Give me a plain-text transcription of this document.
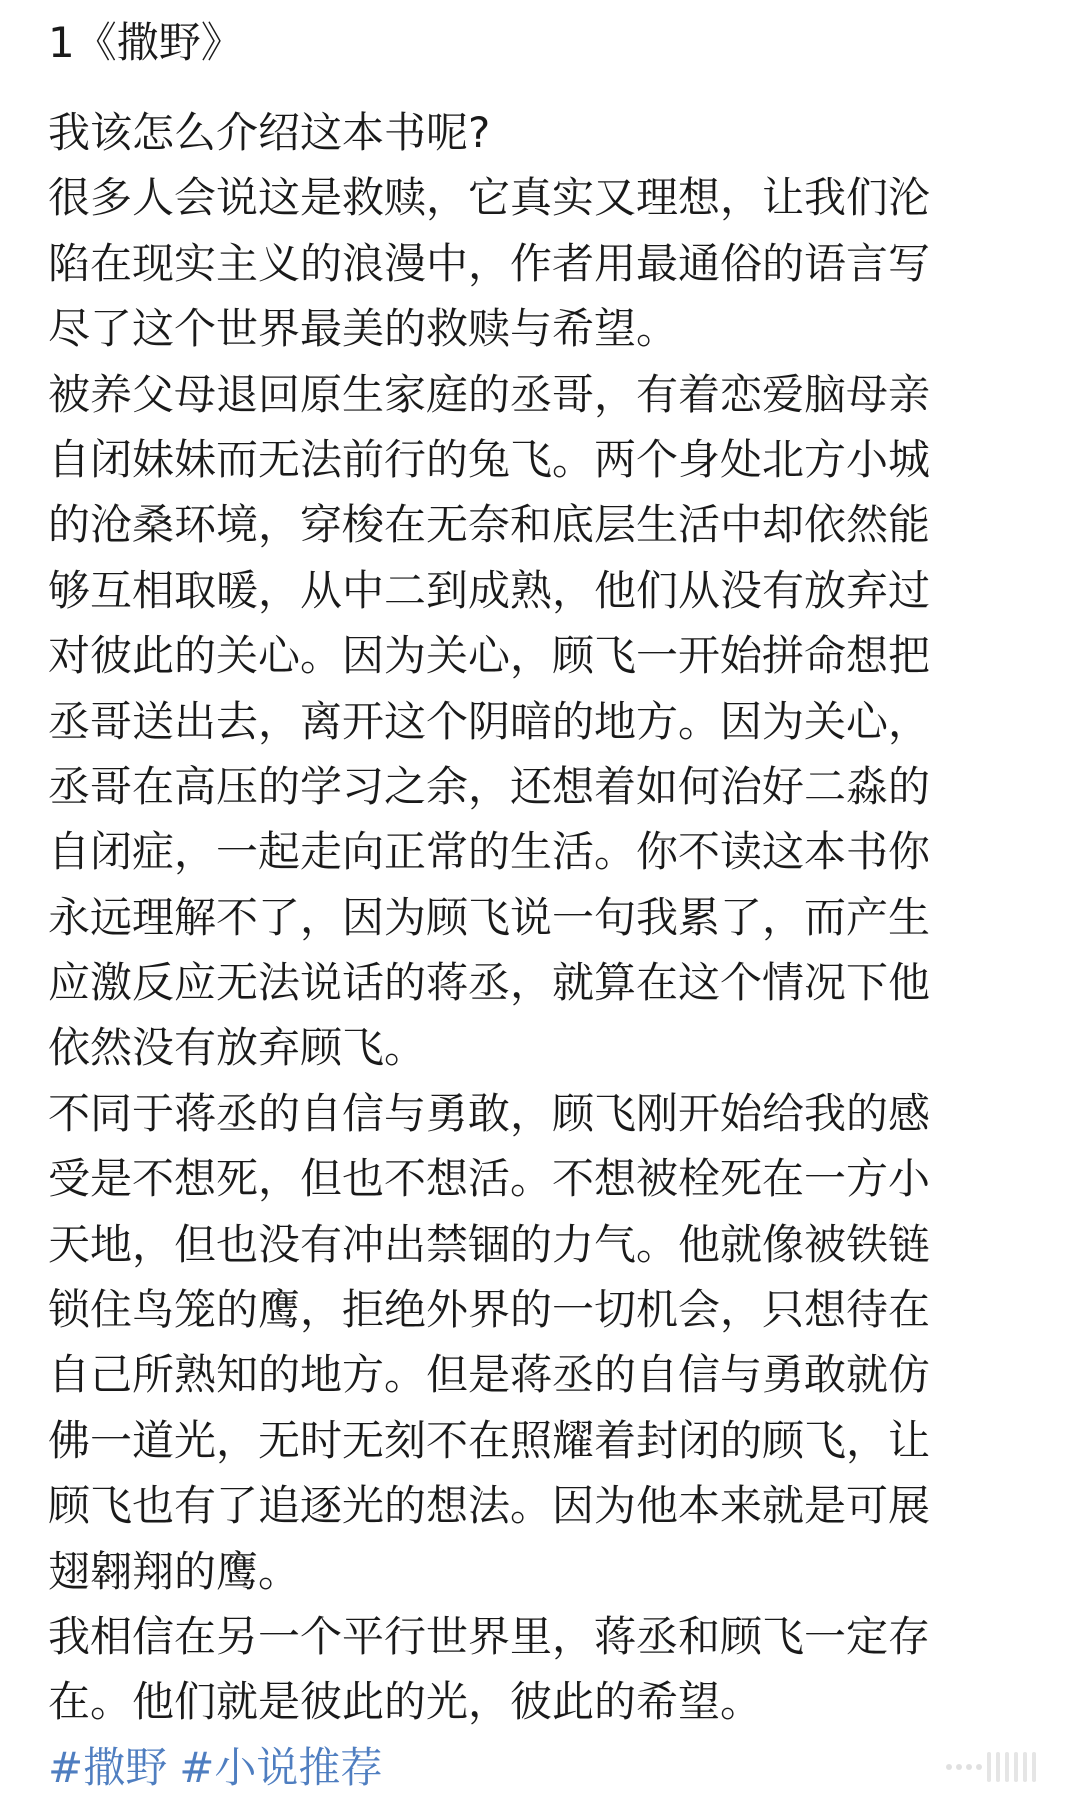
1《撒野》

我该怎么介绍这本书呢?

很多人会说这是救赎，它真实又理想，让我们沦
陷在现实主义的浪漫中，作者用最通俗的语言写
尽了这个世界最美的救赎与希望。

被养父母退回原生家庭的丞哥，有着恋爱脑母亲
自闭妹妹而无法前行的兔飞。两个身处北方小城
的沧桑环境，穿梭在无奈和底层生活中却依然能
够互相取暖，从中二到成熟，他们从没有放弃过
对彼此的关心。因为关心，顾飞一开始拼命想把
丞哥送出去，离开这个阴暗的地方。因为关心，
丞哥在高压的学习之余，还想着如何治好二淼的
自闭症，一起走向正常的生活。你不读这本书你
永远理解不了，因为顾飞说一句我累了，而产生
应激反应无法说话的蒋丞，就算在这个情况下他
依然没有放弃顾飞。

不同于蒋丞的自信与勇敢，顾飞刚开始给我的感
受是不想死，但也不想活。不想被栓死在一方小
天地，但也没有冲出禁锢的力气。他就像被铁链
锁住鸟笼的鹰，拒绝外界的一切机会，只想待在
自己所熟知的地方。但是蒋丞的自信与勇敢就仿
佛一道光，无时无刻不在照耀着封闭的顾飞，让
顾飞也有了追逐光的想法。因为他本来就是可展
翅翱翔的鹰。

我相信在另一个平行世界里，蒋丞和顾飞一定存
在。他们就是彼此的光，彼此的希望。

#撒野 #小说推荐
